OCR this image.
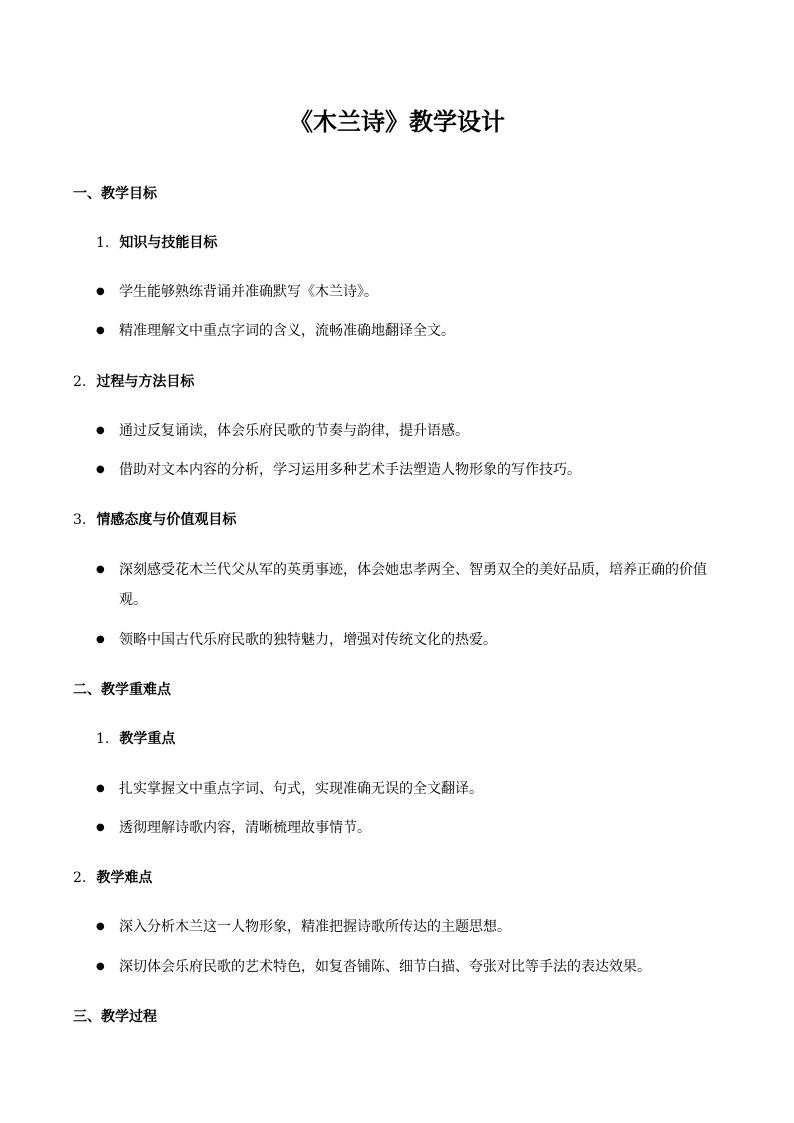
《木兰诗》教学设计
一、教学目标
1. 知识与技能目标
●	学生能够熟练背诵并准确默写《木兰诗》。
●	精准理解文中重点字词的含义，流畅准确地翻译全文。
2. 过程与方法目标
●	通过反复诵读，体会乐府民歌的节奏与韵律，提升语感。
●	借助对文本内容的分析，学习运用多种艺术手法塑造人物形象的写作技巧。
3. 情感态度与价值观目标
●	深刻感受花木兰代父从军的英勇事迹，体会她忠孝两全、智勇双全的美好品质，培养正确的价值观。
●	领略中国古代乐府民歌的独特魅力，增强对传统文化的热爱。
二、教学重难点
1. 教学重点
●	扎实掌握文中重点字词、句式，实现准确无误的全文翻译。
●	透彻理解诗歌内容，清晰梳理故事情节。
2. 教学难点
●	深入分析木兰这一人物形象，精准把握诗歌所传达的主题思想。
●	深切体会乐府民歌的艺术特色，如复沓铺陈、细节白描、夸张对比等手法的表达效果。
三、教学过程
